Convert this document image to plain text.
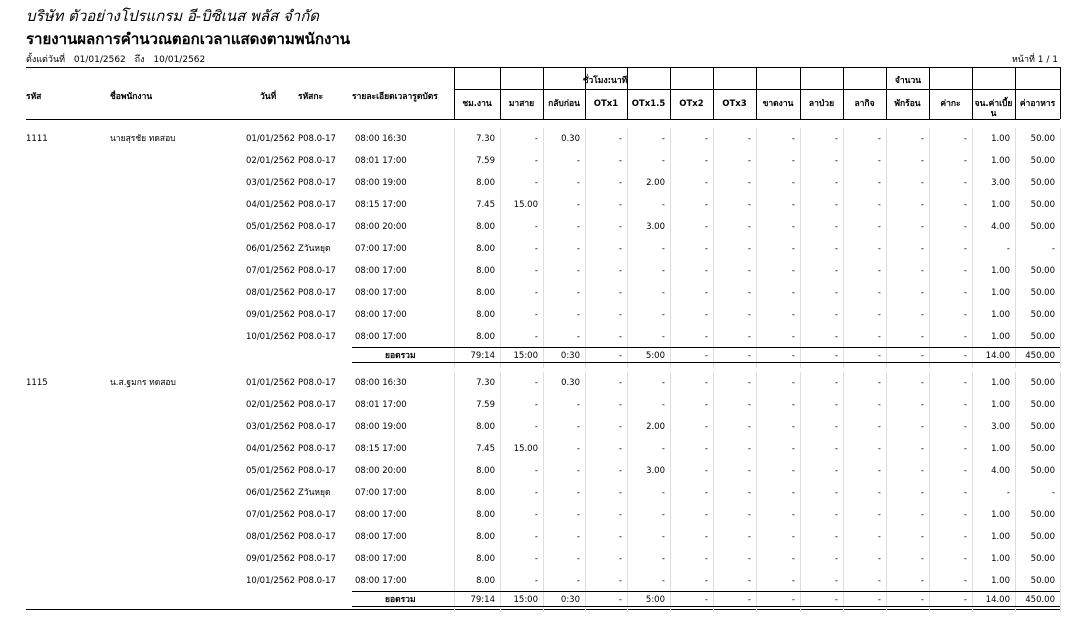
บริษัท ตัวอย่างโปรแกรม อี-บิซิเนส พลัส จำกัด
รายงานผลการคำนวณตอกเวลาแสดงตามพนักงาน
ตั้งแต่วันที่ 01/01/2562 ถึง 10/01/2562	หน้าที่ 1 / 1
ชั่วโมง:นาที	จำนวน
รหัส	ชื่อพนักงาน	วันที่	รหัสกะ	รายละเอียดเวลารูดบัตร
ชม.งาน	มาสาย	กลับก่อน	OTx1	OTx1.5	OTx2	OTx3	ขาดงาน	ลาป่วย	ลากิจ	พักร้อน	ค่ากะ	จน.ค่าเบี้ยน
ค่าอาหาร
1111	นายสุรชัย ทดสอบ	01/01/2562 P08.0-17 08:00 16:30	7.30	-	0.30	-	-	-	-	-	-	-	-	-	1.00	50.00
02/01/2562 P08.0-17 08:01 17:00	7.59	-	-	-	-	-	-	-	-	-	-	-	1.00	50.00
03/01/2562 P08.0-17 08:00 19:00	8.00	-	-	-	2.00	-	-	-	-	-	-	-	3.00	50.00
04/01/2562 P08.0-17 08:15 17:00	7.45	15.00	-	-	-	-	-	-	-	-	-	-	1.00	50.00
05/01/2562 P08.0-17 08:00 20:00	8.00	-	-	-	3.00	-	-	-	-	-	-	-	4.00	50.00
06/01/2562 Zวันหยุด	07:00 17:00	8.00	-	-	-	-	-	-	-	-	-	-	-	-	-
07/01/2562 P08.0-17 08:00 17:00	8.00	-	-	-	-	-	-	-	-	-	-	-	1.00	50.00
08/01/2562 P08.0-17 08:00 17:00	8.00	-	-	-	-	-	-	-	-	-	-	-	1.00	50.00
09/01/2562 P08.0-17 08:00 17:00	8.00	-	-	-	-	-	-	-	-	-	-	-	1.00	50.00
10/01/2562 P08.0-17 08:00 17:00	8.00	-	-	-	-	-	-	-	-	-	-	-	1.00	50.00
ยอดรวม	79:14	15:00	0:30	-	5:00	-	-	-	-	-	-	-	14.00	450.00
1115	น.ส.ฐมกร ทดสอบ	01/01/2562 P08.0-17 08:00 16:30	7.30	-	0.30	-	-	-	-	-	-	-	-	-	1.00	50.00
02/01/2562 P08.0-17 08:01 17:00	7.59	-	-	-	-	-	-	-	-	-	-	-	1.00	50.00
03/01/2562 P08.0-17 08:00 19:00	8.00	-	-	-	2.00	-	-	-	-	-	-	-	3.00	50.00
04/01/2562 P08.0-17 08:15 17:00	7.45	15.00	-	-	-	-	-	-	-	-	-	-	1.00	50.00
05/01/2562 P08.0-17 08:00 20:00	8.00	-	-	-	3.00	-	-	-	-	-	-	-	4.00	50.00
06/01/2562 Zวันหยุด	07:00 17:00	8.00	-	-	-	-	-	-	-	-	-	-	-	-	-
07/01/2562 P08.0-17 08:00 17:00	8.00	-	-	-	-	-	-	-	-	-	-	-	1.00	50.00
08/01/2562 P08.0-17 08:00 17:00	8.00	-	-	-	-	-	-	-	-	-	-	-	1.00	50.00
09/01/2562 P08.0-17 08:00 17:00	8.00	-	-	-	-	-	-	-	-	-	-	-	1.00	50.00
10/01/2562 P08.0-17 08:00 17:00	8.00	-	-	-	-	-	-	-	-	-	-	-	1.00	50.00
ยอดรวม	79:14	15:00	0:30	-	5:00	-	-	-	-	-	-	-	14.00	450.00
